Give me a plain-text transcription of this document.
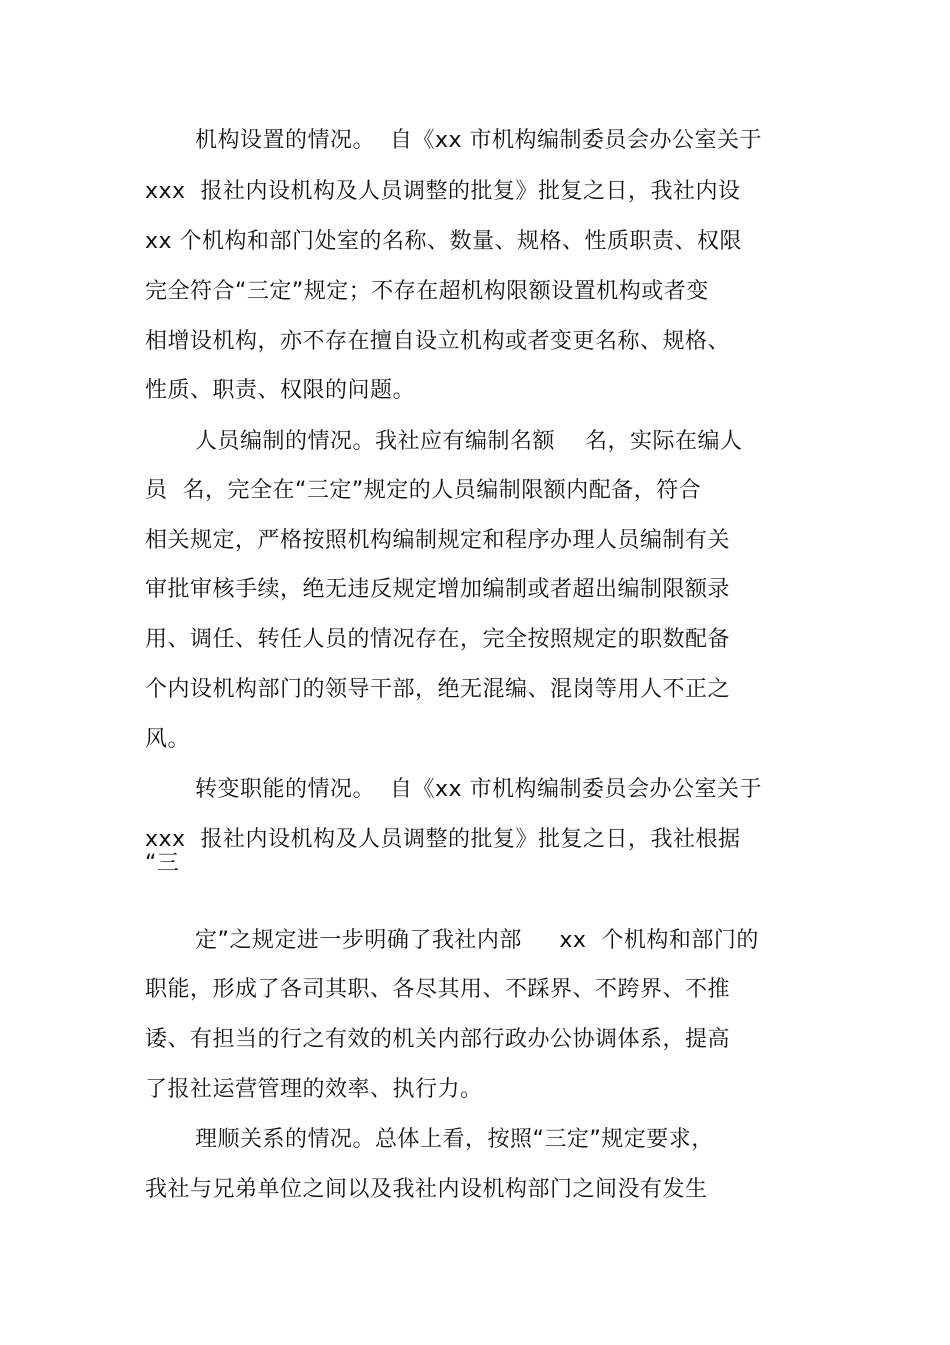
机构设置的情况。  自《xx 市机构编制委员会办公室关于
xxx  报社内设机构及人员调整的批复》批复之日，我社内设
xx 个机构和部门处室的名称、数量、规格、性质职责、权限
完全符合“三定”规定；不存在超机构限额设置机构或者变
相增设机构，亦不存在擅自设立机构或者变更名称、规格、
性质、职责、权限的问题。
人员编制的情况。我社应有编制名额    名，实际在编人
员  名，完全在“三定”规定的人员编制限额内配备，符合
相关规定，严格按照机构编制规定和程序办理人员编制有关
审批审核手续，绝无违反规定增加编制或者超出编制限额录
用、调任、转任人员的情况存在，完全按照规定的职数配备
个内设机构部门的领导干部，绝无混编、混岗等用人不正之
风。
转变职能的情况。  自《xx 市机构编制委员会办公室关于
xxx  报社内设机构及人员调整的批复》批复之日，我社根据
“三
定”之规定进一步明确了我社内部     xx  个机构和部门的
职能，形成了各司其职、各尽其用、不踩界、不跨界、不推
诿、有担当的行之有效的机关内部行政办公协调体系，提高
了报社运营管理的效率、执行力。
理顺关系的情况。总体上看，按照“三定”规定要求，
我社与兄弟单位之间以及我社内设机构部门之间没有发生
